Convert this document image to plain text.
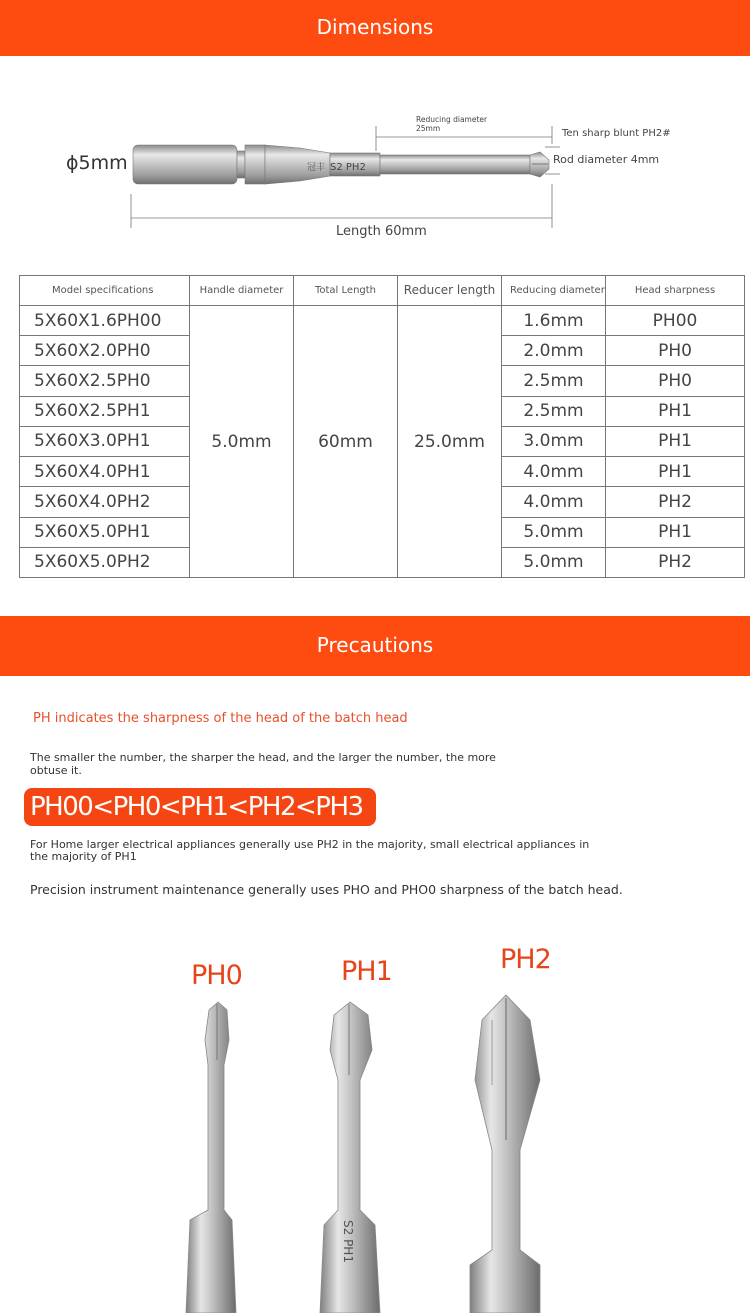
Dimensions
S2 PH2
冠丰
ϕ5mm
Reducing diameter
25mm	Ten sharp blunt PH2#
Rod diameter 4mm
Length 60mm
Model specifications	Handle diameter	Total Length	Reducer length	Reducing diameter	Head sharpness
5X60X1.6PH00	5.0mm	60mm	25.0mm	1.6mm	PH00
5X60X2.0PH0				2.0mm	PH0
5X60X2.5PH0				2.5mm	PH0
5X60X2.5PH1				2.5mm	PH1
5X60X3.0PH1				3.0mm	PH1
5X60X4.0PH1				4.0mm	PH1
5X60X4.0PH2				4.0mm	PH2
5X60X5.0PH1				5.0mm	PH1
5X60X5.0PH2				5.0mm	PH2
Precautions
PH indicates the sharpness of the head of the batch head
The smaller the number, the sharper the head, and the larger the number, the more obtuse it.
PH00<PH0<PH1<PH2<PH3
For Home larger electrical appliances generally use PH2 in the majority, small electrical appliances in the majority of PH1
Precision instrument maintenance generally uses PHO and PHO0 sharpness of the batch head.
S2 PH1
PH0	PH1	PH2
